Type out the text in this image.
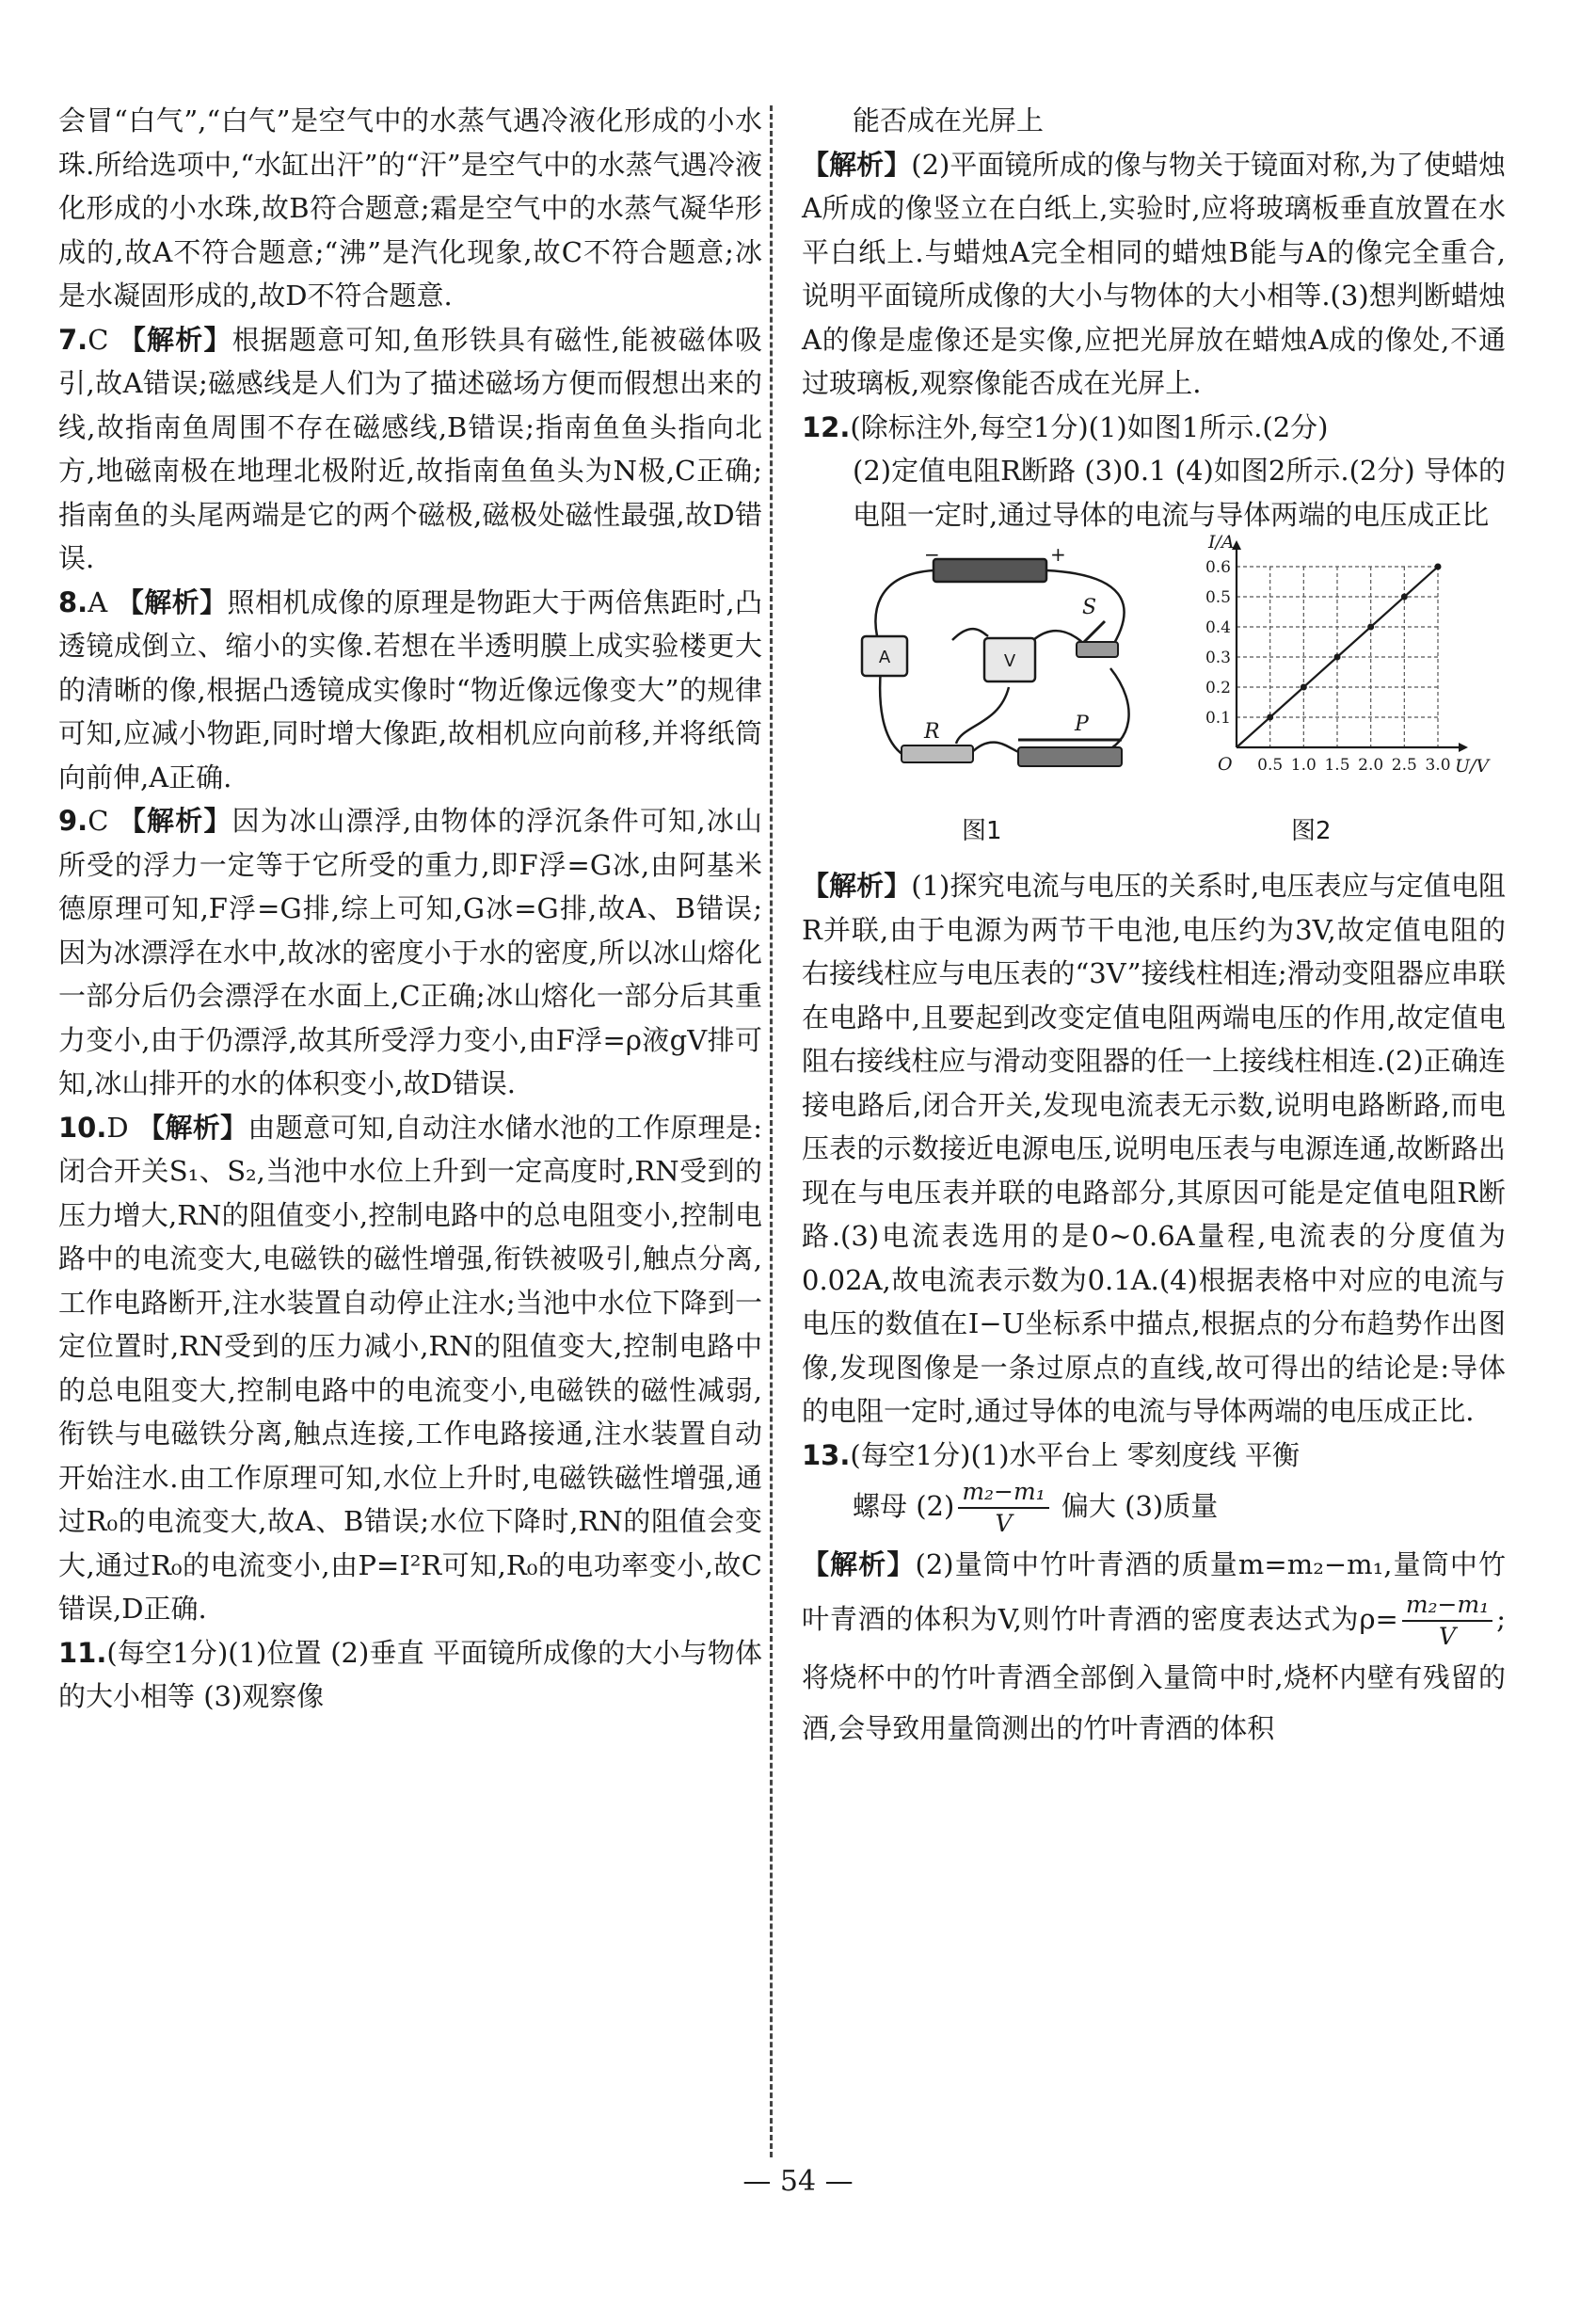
会冒“白气”,“白气”是空气中的水蒸气遇冷液化形成的小水珠.所给选项中,“水缸出汗”的“汗”是空气中的水蒸气遇冷液化形成的小水珠,故B符合题意;霜是空气中的水蒸气凝华形成的,故A不符合题意;“沸”是汽化现象,故C不符合题意;冰是水凝固形成的,故D不符合题意.

7.C 【解析】根据题意可知,鱼形铁具有磁性,能被磁体吸引,故A错误;磁感线是人们为了描述磁场方便而假想出来的线,故指南鱼周围不存在磁感线,B错误;指南鱼鱼头指向北方,地磁南极在地理北极附近,故指南鱼鱼头为N极,C正确;指南鱼的头尾两端是它的两个磁极,磁极处磁性最强,故D错误.

8.A 【解析】照相机成像的原理是物距大于两倍焦距时,凸透镜成倒立、缩小的实像.若想在半透明膜上成实验楼更大的清晰的像,根据凸透镜成实像时“物近像远像变大”的规律可知,应减小物距,同时增大像距,故相机应向前移,并将纸筒向前伸,A正确.

9.C 【解析】因为冰山漂浮,由物体的浮沉条件可知,冰山所受的浮力一定等于它所受的重力,即F浮=G冰,由阿基米德原理可知,F浮=G排,综上可知,G冰=G排,故A、B错误;因为冰漂浮在水中,故冰的密度小于水的密度,所以冰山熔化一部分后仍会漂浮在水面上,C正确;冰山熔化一部分后其重力变小,由于仍漂浮,故其所受浮力变小,由F浮=ρ液gV排可知,冰山排开的水的体积变小,故D错误.

10.D 【解析】由题意可知,自动注水储水池的工作原理是:闭合开关S₁、S₂,当池中水位上升到一定高度时,RN受到的压力增大,RN的阻值变小,控制电路中的总电阻变小,控制电路中的电流变大,电磁铁的磁性增强,衔铁被吸引,触点分离,工作电路断开,注水装置自动停止注水;当池中水位下降到一定位置时,RN受到的压力减小,RN的阻值变大,控制电路中的总电阻变大,控制电路中的电流变小,电磁铁的磁性减弱,衔铁与电磁铁分离,触点连接,工作电路接通,注水装置自动开始注水.由工作原理可知,水位上升时,电磁铁磁性增强,通过R₀的电流变大,故A、B错误;水位下降时,RN的阻值会变大,通过R₀的电流变小,由P=I²R可知,R₀的电功率变小,故C错误,D正确.

11.(每空1分)(1)位置 (2)垂直 平面镜所成像的大小与物体的大小相等 (3)观察像

能否成在光屏上

【解析】(2)平面镜所成的像与物关于镜面对称,为了使蜡烛A所成的像竖立在白纸上,实验时,应将玻璃板垂直放置在水平白纸上.与蜡烛A完全相同的蜡烛B能与A的像完全重合,说明平面镜所成像的大小与物体的大小相等.(3)想判断蜡烛A的像是虚像还是实像,应把光屏放在蜡烛A成的像处,不通过玻璃板,观察像能否成在光屏上.

12.(除标注外,每空1分)(1)如图1所示.(2分)

(2)定值电阻R断路 (3)0.1 (4)如图2所示.(2分) 导体的电阻一定时,通过导体的电流与导体两端的电压成正比

A	V
S
R	P
−	+
0.5 1.0 1.5 2.0 2.5 3.0
0.1
0.2
0.3
0.4
0.5
0.6
O	U/V
I/A
图1	图2

【解析】(1)探究电流与电压的关系时,电压表应与定值电阻R并联,由于电源为两节干电池,电压约为3V,故定值电阻的右接线柱应与电压表的“3V”接线柱相连;滑动变阻器应串联在电路中,且要起到改变定值电阻两端电压的作用,故定值电阻右接线柱应与滑动变阻器的任一上接线柱相连.(2)正确连接电路后,闭合开关,发现电流表无示数,说明电路断路,而电压表的示数接近电源电压,说明电压表与电源连通,故断路出现在与电压表并联的电路部分,其原因可能是定值电阻R断路.(3)电流表选用的是0~0.6A量程,电流表的分度值为0.02A,故电流表示数为0.1A.(4)根据表格中对应的电流与电压的数值在I−U坐标系中描点,根据点的分布趋势作出图像,发现图像是一条过原点的直线,故可得出的结论是:导体的电阻一定时,通过导体的电流与导体两端的电压成正比.

13.(每空1分)(1)水平台上 零刻度线 平衡

螺母 $(2) \frac{\text{m₂−m₁}}{V}$ 偏大 (3)质量

【解析】(2)量筒中竹叶青酒的质量m=m₂−m₁,量筒中竹叶青酒的体积为V,则竹叶青酒的密度表达式为$\rho= \frac{\text{m₂−m₁}}{V}$ ;将烧杯中的竹叶青酒全部倒入量筒中时,烧杯内壁有残留的酒,会导致用量筒测出的竹叶青酒的体积

— 54 —
